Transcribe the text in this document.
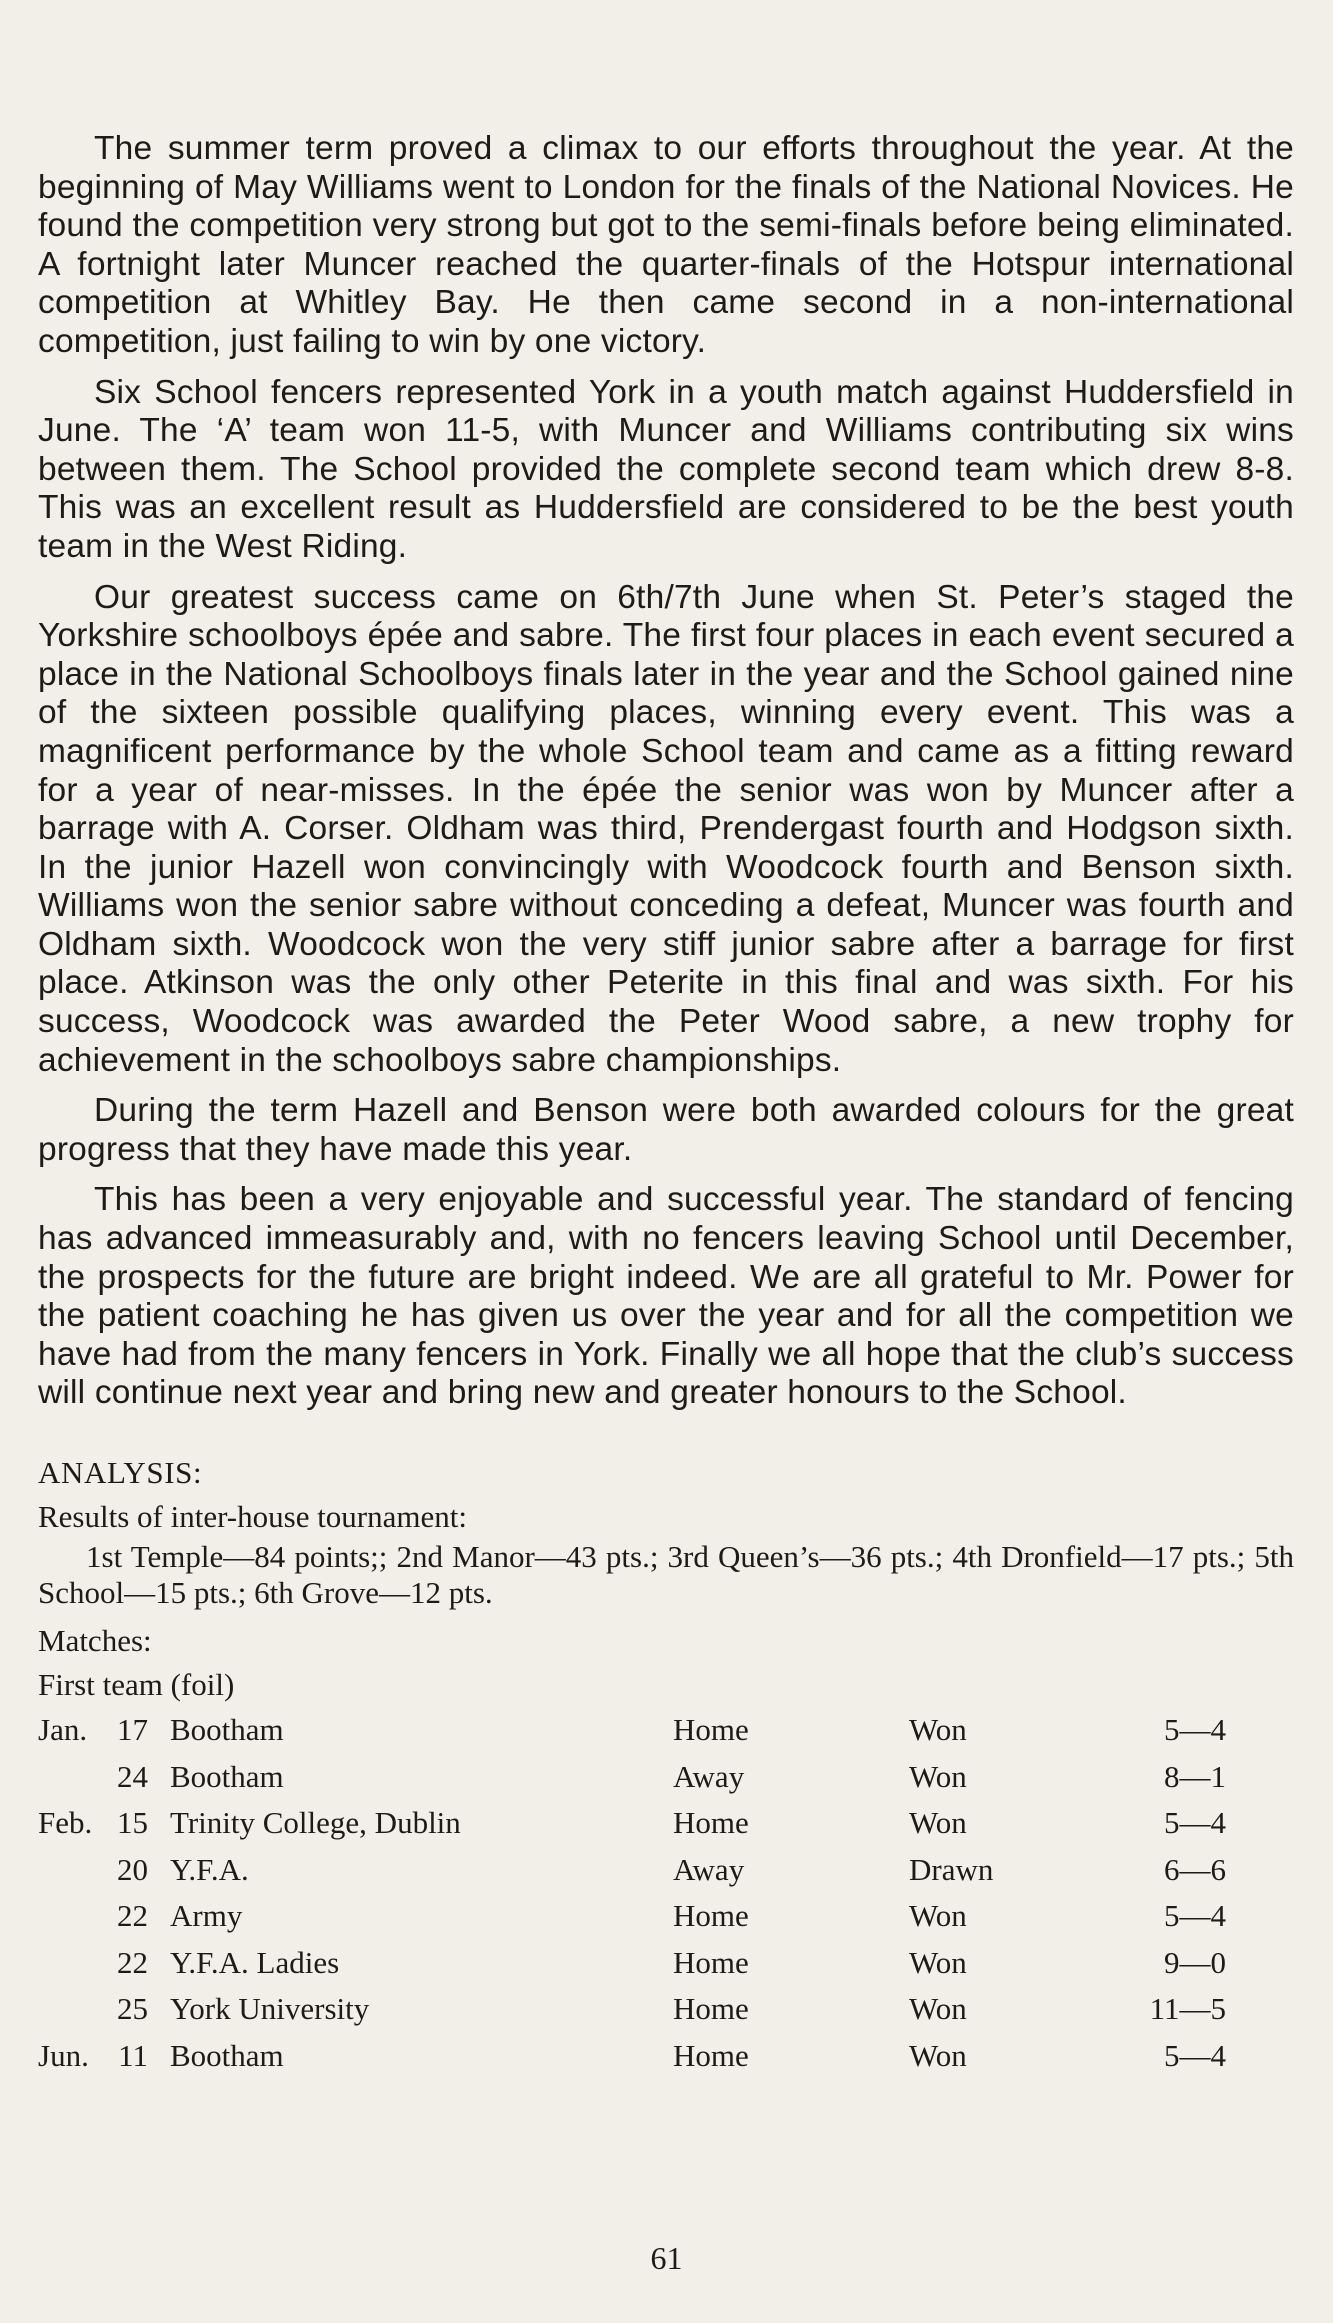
The summer term proved a climax to our efforts throughout the year. At the beginning of May Williams went to London for the finals of the National Novices. He found the competition very strong but got to the semi-finals before being eliminated. A fortnight later Muncer reached the quarter-finals of the Hotspur international competition at Whitley Bay. He then came second in a non-international competition, just failing to win by one victory.

Six School fencers represented York in a youth match against Huddersfield in June. The ‘A’ team won 11-5, with Muncer and Williams contributing six wins between them. The School provided the complete second team which drew 8-8. This was an excellent result as Huddersfield are considered to be the best youth team in the West Riding.

Our greatest success came on 6th/7th June when St. Peter’s staged the Yorkshire schoolboys épée and sabre. The first four places in each event secured a place in the National Schoolboys finals later in the year and the School gained nine of the sixteen possible qualifying places, winning every event. This was a magnificent performance by the whole School team and came as a fitting reward for a year of near-misses. In the épée the senior was won by Muncer after a barrage with A. Corser. Oldham was third, Prendergast fourth and Hodgson sixth. In the junior Hazell won convincingly with Woodcock fourth and Benson sixth. Williams won the senior sabre without conceding a defeat, Muncer was fourth and Oldham sixth. Woodcock won the very stiff junior sabre after a barrage for first place. Atkinson was the only other Peterite in this final and was sixth. For his success, Woodcock was awarded the Peter Wood sabre, a new trophy for achievement in the schoolboys sabre championships.

During the term Hazell and Benson were both awarded colours for the great progress that they have made this year.

This has been a very enjoyable and successful year. The standard of fencing has advanced immeasurably and, with no fencers leaving School until December, the prospects for the future are bright indeed. We are all grateful to Mr. Power for the patient coaching he has given us over the year and for all the competition we have had from the many fencers in York. Finally we all hope that the club’s success will continue next year and bring new and greater honours to the School.

ANALYSIS:

Results of inter-house tournament:

1st Temple—84 points;; 2nd Manor—43 pts.; 3rd Queen’s—36 pts.; 4th Dronfield—17 pts.; 5th School—15 pts.; 6th Grove—12 pts.

Matches:

First team (foil)

Jan.	17	Bootham	Home	Won	5—4
	24	Bootham	Away	Won	8—1
Feb.	15	Trinity College, Dublin	Home	Won	5—4
	20	Y.F.A.	Away	Drawn	6—6
	22	Army	Home	Won	5—4
	22	Y.F.A. Ladies	Home	Won	9—0
	25	York University	Home	Won	11—5
Jun.	11	Bootham	Home	Won	5—4
61
